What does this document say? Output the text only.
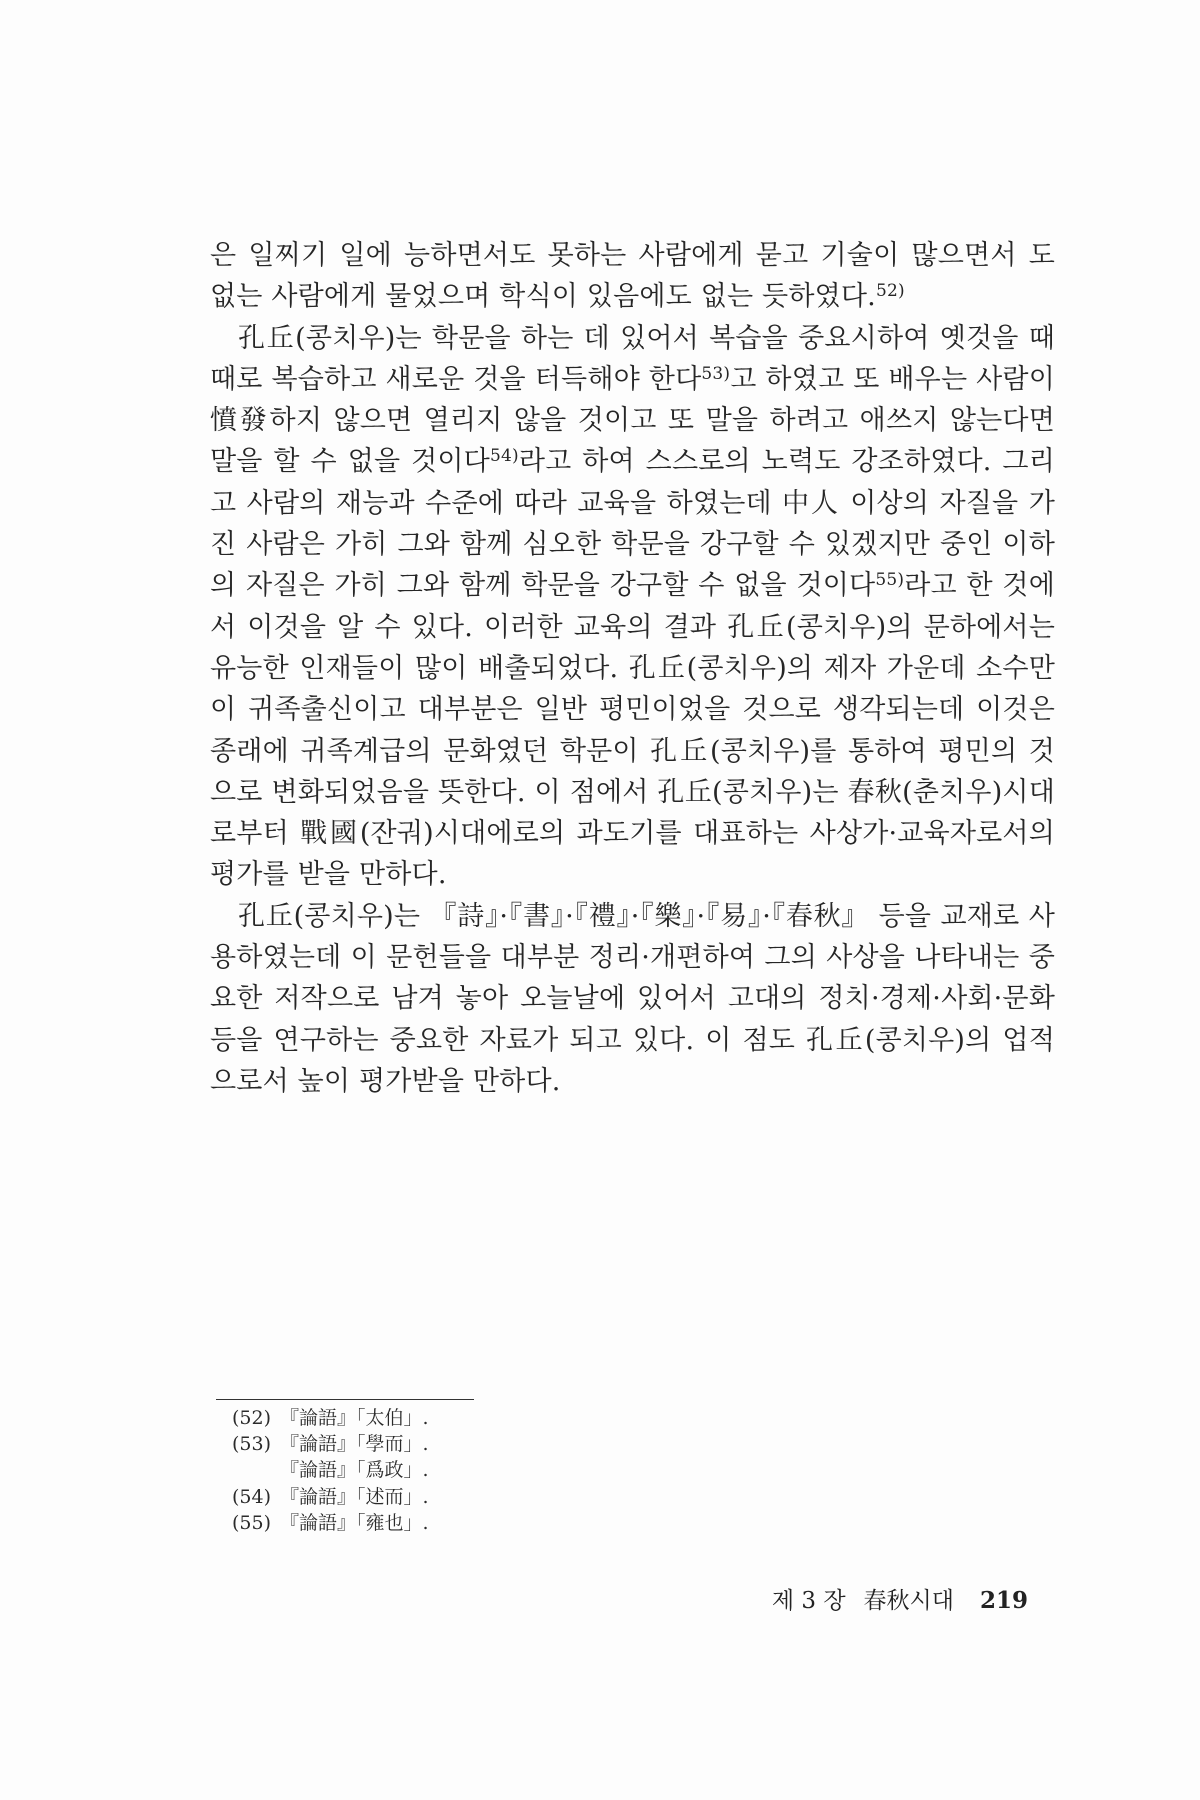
은 일찌기 일에 능하면서도 못하는 사람에게 묻고 기술이 많으면서 도 없는 사람에게 물었으며 학식이 있음에도 없는 듯하였다.$^{52)}$

孔丘(콩치우)는 학문을 하는 데 있어서 복습을 중요시하여 옛것을 때때로 복습하고 새로운 것을 터득해야 한다$^{53)}$고 하였고 또 배우는 사람이 憤發하지 않으면 열리지 않을 것이고 또 말을 하려고 애쓰지 않는다면 말을 할 수 없을 것이다$^{54)}$라고 하여 스스로의 노력도 강조하였다. 그리고 사람의 재능과 수준에 따라 교육을 하였는데 中人 이상의 자질을 가진 사람은 가히 그와 함께 심오한 학문을 강구할 수 있겠지만 중인 이하의 자질은 가히 그와 함께 학문을 강구할 수 없을 것이다$^{55)}$라고 한 것에서 이것을 알 수 있다. 이러한 교육의 결과 孔丘(콩치우)의 문하에서는 유능한 인재들이 많이 배출되었다. 孔丘(콩치우)의 제자 가운데 소수만이 귀족출신이고 대부분은 일반 평민이었을 것으로 생각되는데 이것은 종래에 귀족계급의 문화였던 학문이 孔丘(콩치우)를 통하여 평민의 것으로 변화되었음을 뜻한다. 이 점에서 孔丘(콩치우)는 春秋(춘치우)시대로부터 戰國(잔궈)시대에로의 과도기를 대표하는 사상가·교육자로서의 평가를 받을 만하다.

孔丘(콩치우)는 『詩』·『書』·『禮』·『樂』·『易』·『春秋』 등을 교재로 사용하였는데 이 문헌들을 대부분 정리·개편하여 그의 사상을 나타내는 중요한 저작으로 남겨 놓아 오늘날에 있어서 고대의 정치·경제·사회·문화 등을 연구하는 중요한 자료가 되고 있다. 이 점도 孔丘(콩치우)의 업적으로서 높이 평가받을 만하다.

(52) 『論語』「太伯」.
(53) 『論語』「學而」.
『論語』「爲政」.
(54) 『論語』「述而」.
(55) 『論語』「雍也」.
제 3 장 春秋시대 219
